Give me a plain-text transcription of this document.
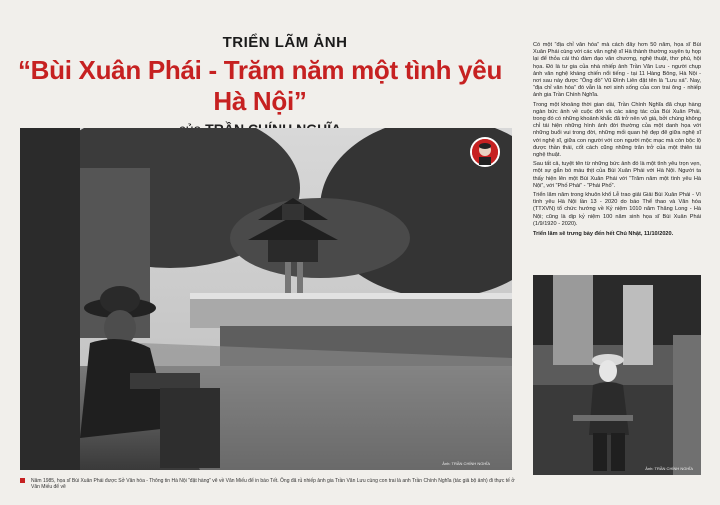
TRIỂN LÃM ẢNH
“Bùi Xuân Phái - Trăm năm một tình yêu Hà Nội”
Ảnh: TRẦN CHÍNH NGHĨA
Ảnh: TRẦN CHÍNH NGHĨA
Năm 1985, họa sĩ Bùi Xuân Phái được Sở Văn hóa - Thông tin Hà Nội “đặt hàng” vẽ về Văn Miếu để in báo Tết. Ông đã rủ nhiếp ảnh gia Trần Văn Lưu cùng con trai là anh Trần Chính Nghĩa (tác giả bộ ảnh) đi thực tế ở Văn Miếu để vẽ

Có một “địa chỉ văn hóa” mà cách đây hơn 50 năm, họa sĩ Bùi Xuân Phái cùng với các văn nghệ sĩ Hà thành thường xuyên tụ họp lại để thỏa cái thú đàm đạo văn chương, nghệ thuật, thơ phú, hội họa. Đó là tư gia của nhà nhiếp ảnh Trần Văn Lưu - người chụp ảnh văn nghệ kháng chiến nổi tiếng - tại 11 Hàng Bông, Hà Nội - nơi sau này được “Ông đồ” Vũ Đình Liên đặt tên là “Lưu xá”. Nay, “địa chỉ văn hóa” đó vẫn là nơi sinh sống của con trai ông - nhiếp ảnh gia Trần Chính Nghĩa.

Trong một khoảng thời gian dài, Trần Chính Nghĩa đã chụp hàng ngàn bức ảnh về cuộc đời và các sáng tác của Bùi Xuân Phái, trong đó có những khoảnh khắc đã trở nên vô giá, bởi chúng không chỉ tái hiện những hình ảnh đời thường của một danh họa với những buổi vui trong đời, những mối quan hệ đẹp đẽ giữa nghệ sĩ với nghệ sĩ, giữa con người với con người mộc mạc mà còn bộc lộ được thần thái, cốt cách cũng những trăn trở của một thiên tài nghệ thuật.

Sau tất cả, tuyệt tên từ những bức ảnh đó là một tình yêu trọn vẹn, một sự gắn bó máu thịt của Bùi Xuân Phái với Hà Nội. Người ta thấy hiện lên một Bùi Xuân Phái với “Trăm năm một tình yêu Hà Nội”, với “Phố Phái” - “Phái Phố”.

Triển lãm năm trong khuôn khổ Lễ trao giải Giải Bùi Xuân Phái - Vì tình yêu Hà Nội lần 13 - 2020 do báo Thể thao và Văn hóa (TTXVN) tổ chức hướng về Kỷ niệm 1010 năm Thăng Long - Hà Nội; cũng là dịp kỷ niệm 100 năm sinh họa sĩ Bùi Xuân Phái (1/9/1920 - 2020).

Triển lãm sẽ trưng bày đến hết Chủ Nhật, 11/10/2020.
